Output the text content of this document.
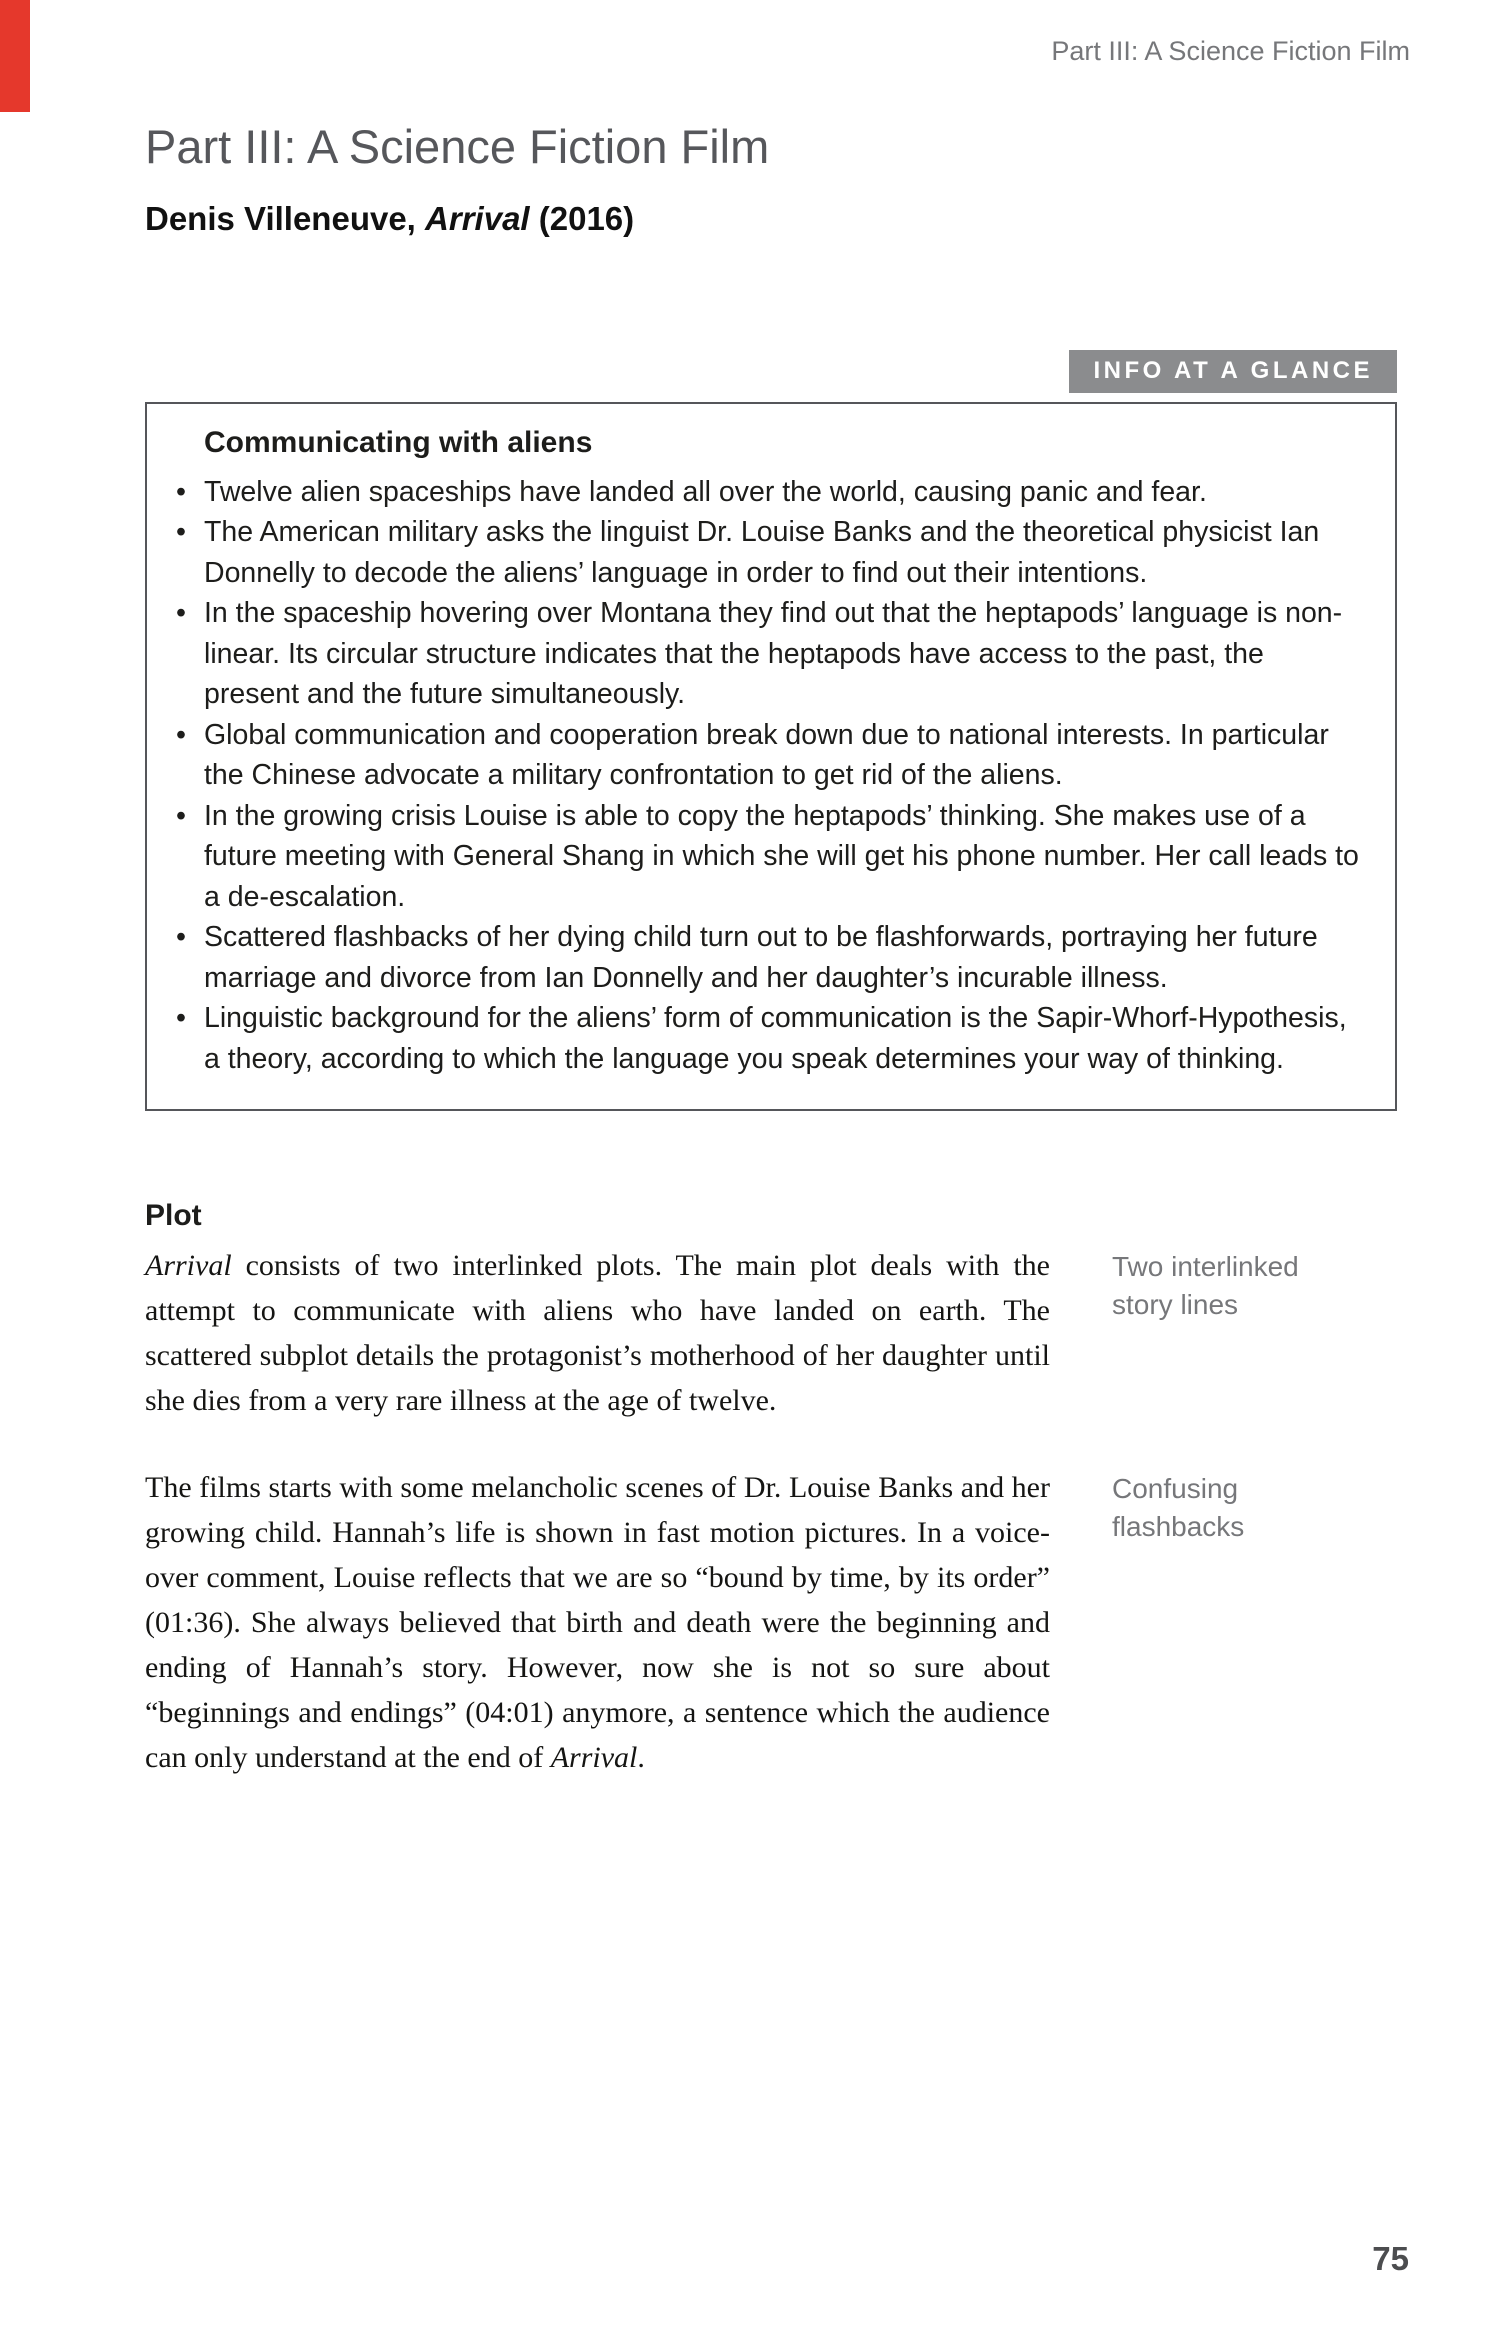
Part III: A Science Fiction Film
Part III: A Science Fiction Film
Denis Villeneuve, Arrival (2016)
INFO AT A GLANCE
Communicating with aliens
• Twelve alien spaceships have landed all over the world, causing panic and fear.
• The American military asks the linguist Dr. Louise Banks and the theoretical physicist Ian Donnelly to decode the aliens’ language in order to find out their intentions.
• In the spaceship hovering over Montana they find out that the heptapods’ language is non-linear. Its circular structure indicates that the heptapods have access to the past, the present and the future simultaneously.
• Global communication and cooperation break down due to national interests. In particular the Chinese advocate a military confrontation to get rid of the aliens.
• In the growing crisis Louise is able to copy the heptapods’ thinking. She makes use of a future meeting with General Shang in which she will get his phone number. Her call leads to a de-escalation.
• Scattered flashbacks of her dying child turn out to be flashforwards, portraying her future marriage and divorce from Ian Donnelly and her daughter’s incurable illness.
• Linguistic background for the aliens’ form of communication is the Sapir-Whorf-Hypothesis, a theory, according to which the language you speak determines your way of thinking.
Plot

Arrival consists of two interlinked plots. The main plot deals with the attempt to communicate with aliens who have landed on earth. The scattered subplot details the protagonist’s motherhood of her daughter until she dies from a very rare illness at the age of twelve.

Two interlinked story lines

The films starts with some melancholic scenes of Dr. Louise Banks and her growing child. Hannah’s life is shown in fast motion pictures. In a voice-over comment, Louise reflects that we are so “bound by time, by its order” (01:36). She always believed that birth and death were the beginning and ending of Hannah’s story. However, now she is not so sure about “beginnings and endings” (04:01) anymore, a sentence which the audience can only understand at the end of Arrival.

Confusing flashbacks
75
